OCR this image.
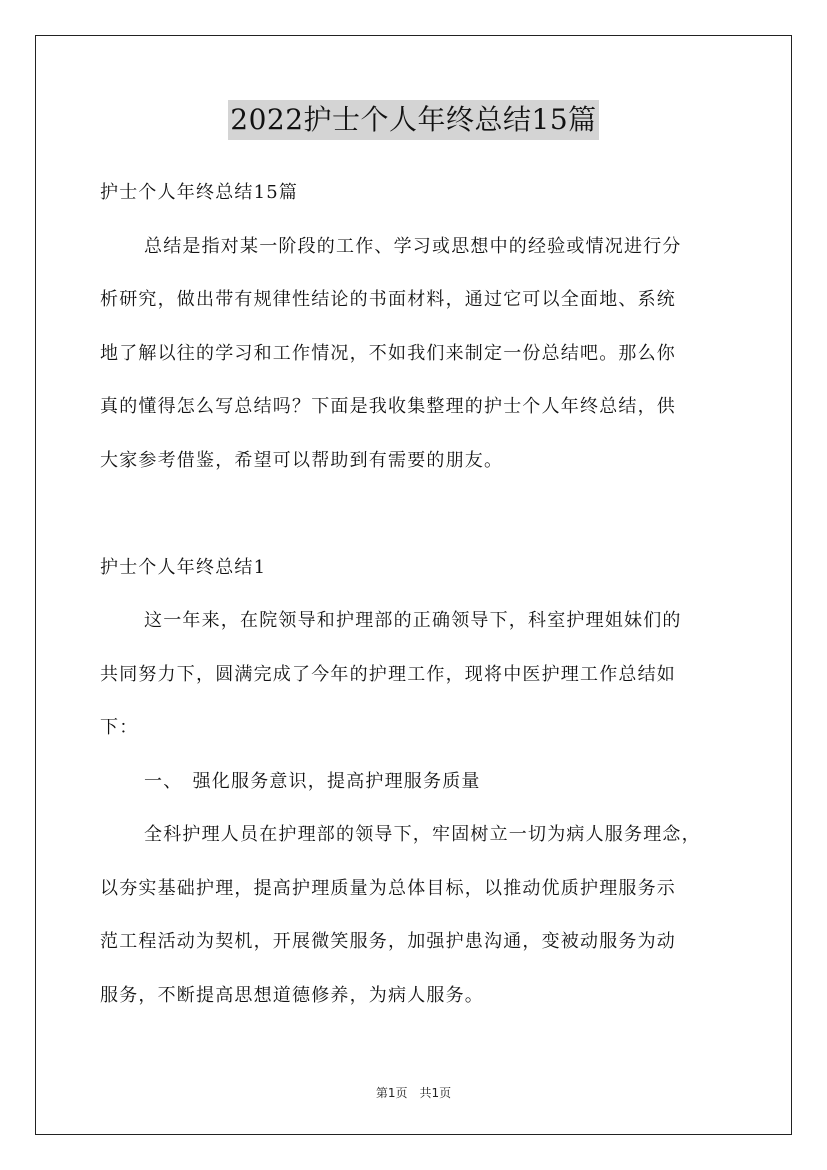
2022护士个人年终总结15篇
护士个人年终总结15篇
总结是指对某一阶段的工作、学习或思想中的经验或情况进行分
析研究，做出带有规律性结论的书面材料，通过它可以全面地、系统
地了解以往的学习和工作情况，不如我们来制定一份总结吧。那么你
真的懂得怎么写总结吗？下面是我收集整理的护士个人年终总结，供
大家参考借鉴，希望可以帮助到有需要的朋友。
护士个人年终总结1
这一年来，在院领导和护理部的正确领导下，科室护理姐妹们的
共同努力下，圆满完成了今年的护理工作，现将中医护理工作总结如
下：
一、　强化服务意识，提高护理服务质量
全科护理人员在护理部的领导下，牢固树立一切为病人服务理念，
以夯实基础护理，提高护理质量为总体目标，以推动优质护理服务示
范工程活动为契机，开展微笑服务，加强护患沟通，变被动服务为动
服务，不断提高思想道德修养，为病人服务。
第1页　共1页
